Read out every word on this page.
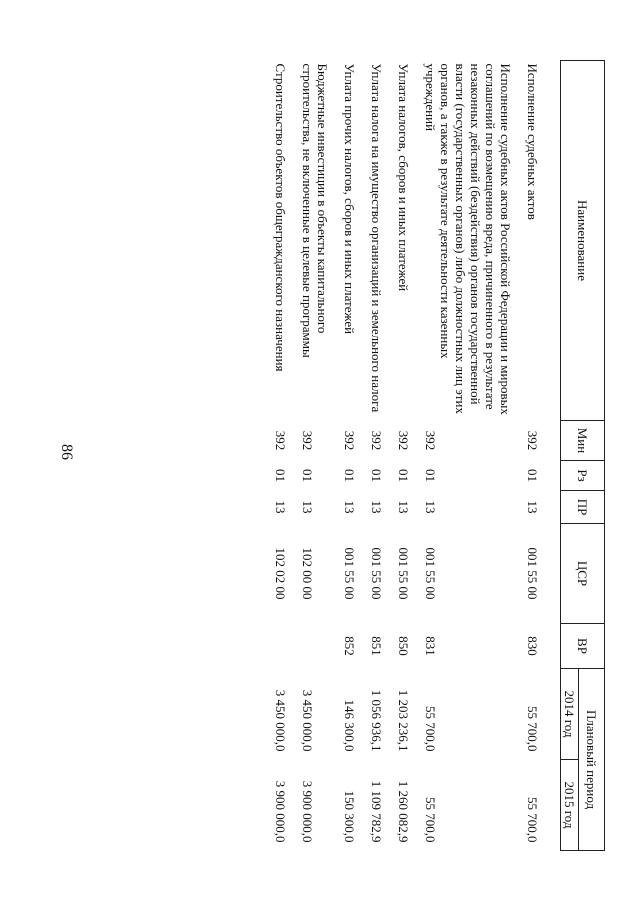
86
Наименование	Мин	Рз	ПР	ЦСР	ВР	Плановый период	
						2014 год	2015 год
Исполнение судебных актов	392	01	13	001 55 00	830	55 700,0	55 700,0
Исполнение судебных актов Российской Федерации и мировых соглашений по возмещению вреда, причиненного в результате незаконных действий (бездействия) органов государственной власти (государственных органов) либо должностных лиц этих органов, а также в результате деятельности казенных учреждений	392	01	13	001 55 00	831	55 700,0	55 700,0
Уплата налогов, сборов и иных платежей	392	01	13	001 55 00	850	1 203 236,1	1 260 082,9
Уплата налога на имущество организаций и земельного налога	392	01	13	001 55 00	851	1 056 936,1	1 109 782,9
Уплата прочих налогов, сборов и иных платежей	392	01	13	001 55 00	852	146 300,0	150 300,0
Бюджетные инвестиции в объекты капитального строительства, не включенные в целевые программы	392	01	13	102 00 00		3 450 000,0	3 900 000,0
Строительство объектов общегражданского назначения	392	01	13	102 02 00		3 450 000,0	3 900 000,0
